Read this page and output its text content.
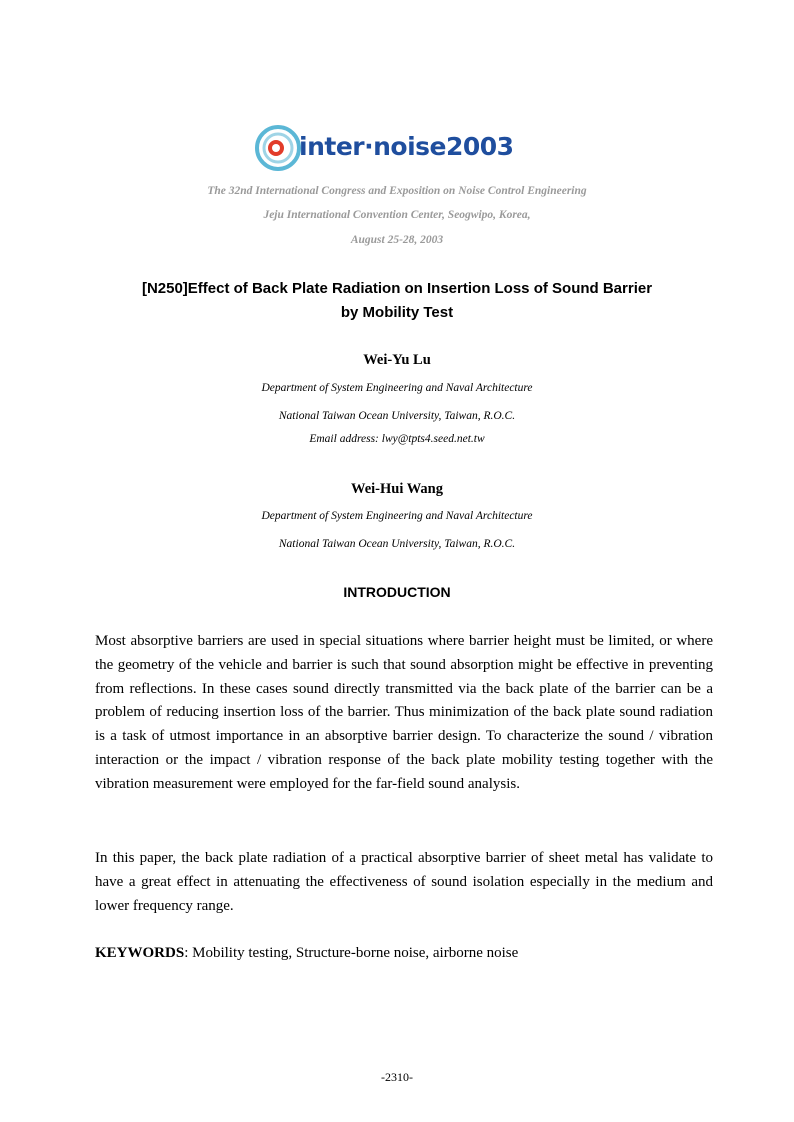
inter·noise2003
The 32nd International Congress and Exposition on Noise Control Engineering
Jeju International Convention Center, Seogwipo, Korea,
August 25-28, 2003
[N250]Effect of Back Plate Radiation on Insertion Loss of Sound Barrier
by Mobility Test
Wei-Yu Lu
Department of System Engineering and Naval Architecture
National Taiwan Ocean University, Taiwan, R.O.C.
Email address: lwy@tpts4.seed.net.tw
Wei-Hui Wang
Department of System Engineering and Naval Architecture
National Taiwan Ocean University, Taiwan, R.O.C.
INTRODUCTION
Most absorptive barriers are used in special situations where barrier height must be limited, or where the geometry of the vehicle and barrier is such that sound absorption might be effective in preventing from reflections. In these cases sound directly transmitted via the back plate of the barrier can be a problem of reducing insertion loss of the barrier. Thus minimization of the back plate sound radiation is a task of utmost importance in an absorptive barrier design. To characterize the sound / vibration interaction or the impact / vibration response of the back plate mobility testing together with the vibration measurement were employed for the far-field sound analysis.
In this paper, the back plate radiation of a practical absorptive barrier of sheet metal has validate to have a great effect in attenuating the effectiveness of sound isolation especially in the medium and lower frequency range.
KEYWORDS: Mobility testing, Structure-borne noise, airborne noise
-2310-
